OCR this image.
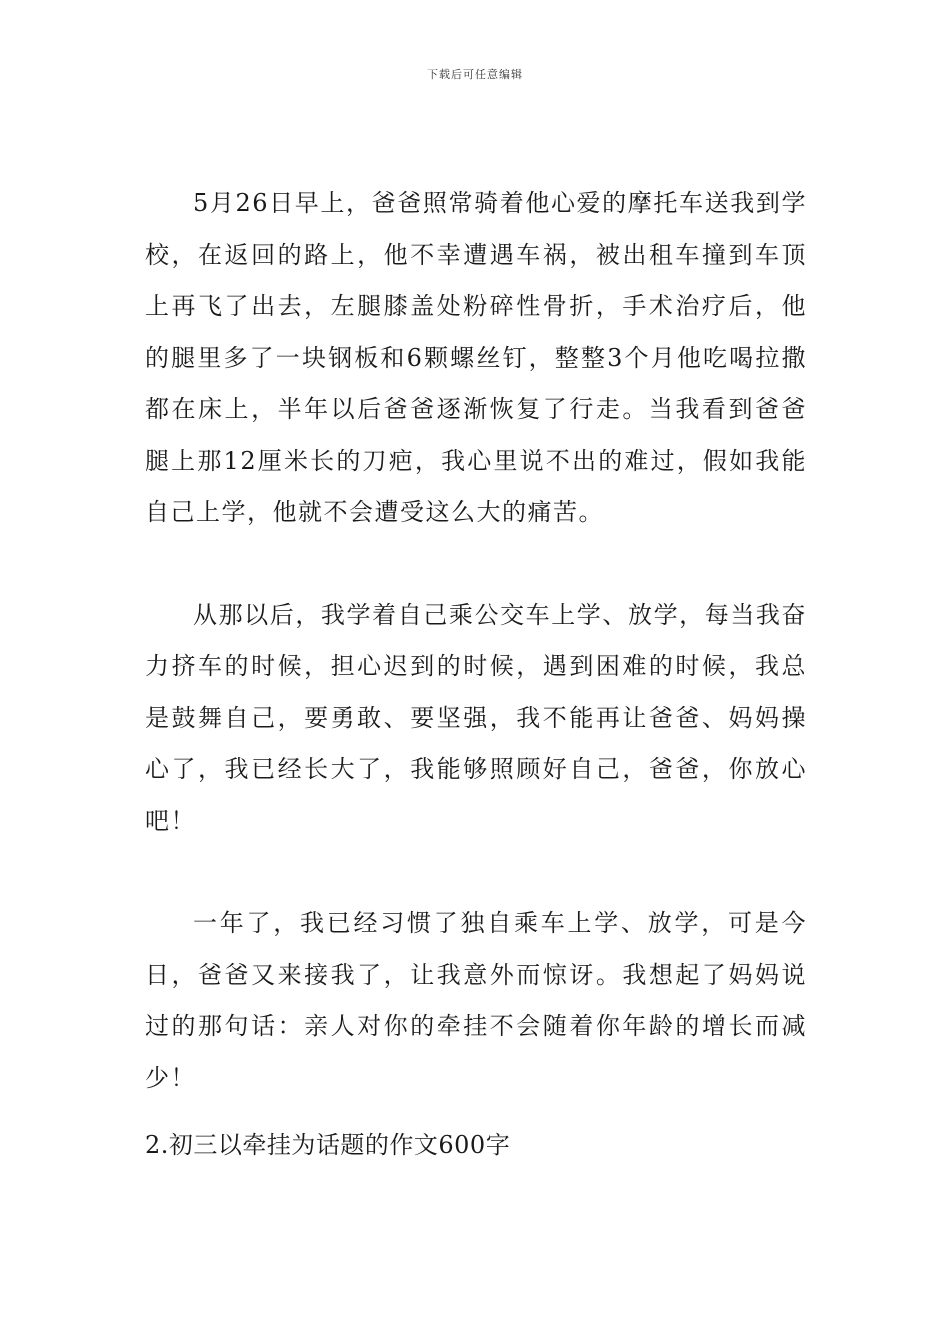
下载后可任意编辑

5月26日早上，爸爸照常骑着他心爱的摩托车送我到学校，在返回的路上，他不幸遭遇车祸，被出租车撞到车顶上再飞了出去，左腿膝盖处粉碎性骨折，手术治疗后，他的腿里多了一块钢板和6颗螺丝钉，整整3个月他吃喝拉撒都在床上，半年以后爸爸逐渐恢复了行走。当我看到爸爸腿上那12厘米长的刀疤，我心里说不出的难过，假如我能自己上学，他就不会遭受这么大的痛苦。

从那以后，我学着自己乘公交车上学、放学，每当我奋力挤车的时候，担心迟到的时候，遇到困难的时候，我总是鼓舞自己，要勇敢、要坚强，我不能再让爸爸、妈妈操心了，我已经长大了，我能够照顾好自己，爸爸，你放心吧！

一年了，我已经习惯了独自乘车上学、放学，可是今日，爸爸又来接我了，让我意外而惊讶。我想起了妈妈说过的那句话：亲人对你的牵挂不会随着你年龄的增长而减少！

2.初三以牵挂为话题的作文600字
